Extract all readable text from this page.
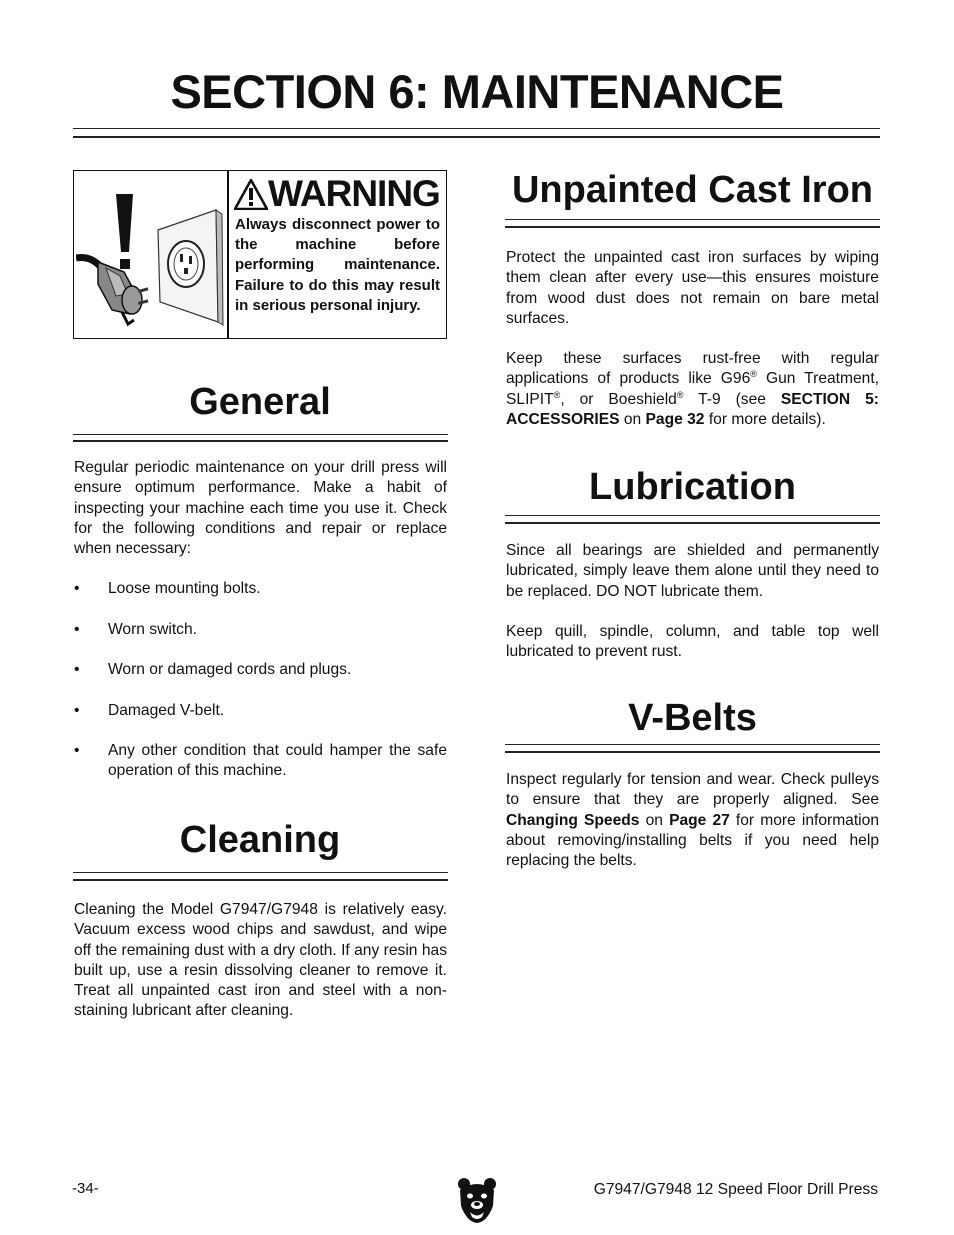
SECTION 6: MAINTENANCE
WARNING
Always disconnect power to the machine before performing maintenance. Failure to do this may result in serious personal injury.
General

Regular periodic maintenance on your drill press will ensure optimum performance. Make a habit of inspecting your machine each time you use it. Check for the following conditions and repair or replace when necessary:

• Loose mounting bolts.
• Worn switch.
• Worn or damaged cords and plugs.
• Damaged V-belt.
• Any other condition that could hamper the safe operation of this machine.
Cleaning

Cleaning the Model G7947/G7948 is relatively easy. Vacuum excess wood chips and sawdust, and wipe off the remaining dust with a dry cloth. If any resin has built up, use a resin dissolving cleaner to remove it. Treat all unpainted cast iron and steel with a non-staining lubricant after cleaning.

Unpainted Cast Iron

Protect the unpainted cast iron surfaces by wiping them clean after every use—this ensures moisture from wood dust does not remain on bare metal surfaces.

Keep these surfaces rust-free with regular applications of products like G96® Gun Treatment, SLIPIT®, or Boeshield® T-9 (see SECTION 5: ACCESSORIES on Page 32 for more details).

Lubrication

Since all bearings are shielded and permanently lubricated, simply leave them alone until they need to be replaced. DO NOT lubricate them.

Keep quill, spindle, column, and table top well lubricated to prevent rust.

V-Belts

Inspect regularly for tension and wear. Check pulleys to ensure that they are properly aligned. See Changing Speeds on Page 27 for more information about removing/installing belts if you need help replacing the belts.

-34-	G7947/G7948 12 Speed Floor Drill Press
